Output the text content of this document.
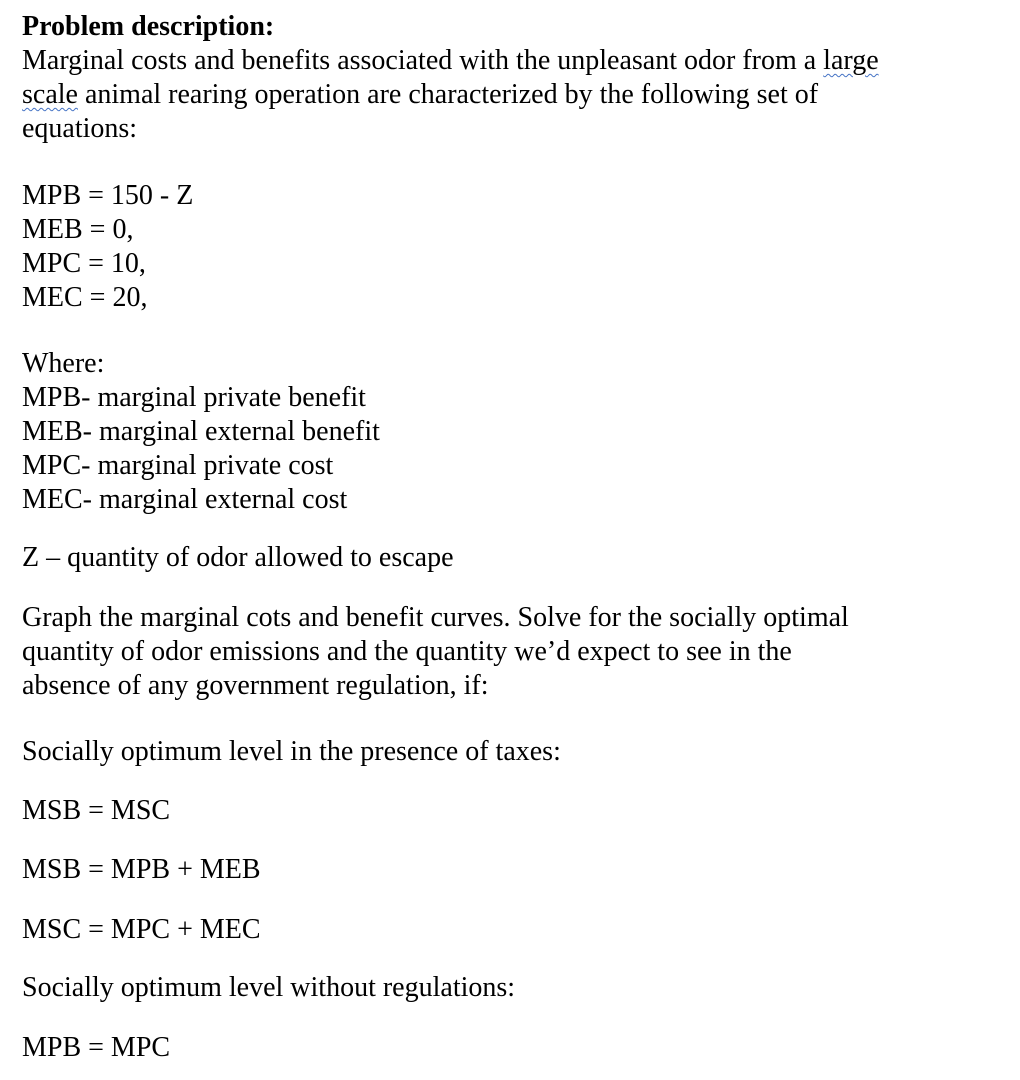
Problem description:
Marginal costs and benefits associated with the unpleasant odor from a large
scale animal rearing operation are characterized by the following set of
equations:
MPB = 150 - Z
MEB = 0,
MPC = 10,
MEC = 20,
Where:
MPB- marginal private benefit
MEB- marginal external benefit
MPC- marginal private cost
MEC- marginal external cost
Z – quantity of odor allowed to escape
Graph the marginal cots and benefit curves. Solve for the socially optimal
quantity of odor emissions and the quantity we’d expect to see in the
absence of any government regulation, if:
Socially optimum level in the presence of taxes:
MSB = MSC
MSB = MPB + MEB
MSC = MPC + MEC
Socially optimum level without regulations:
MPB = MPC
